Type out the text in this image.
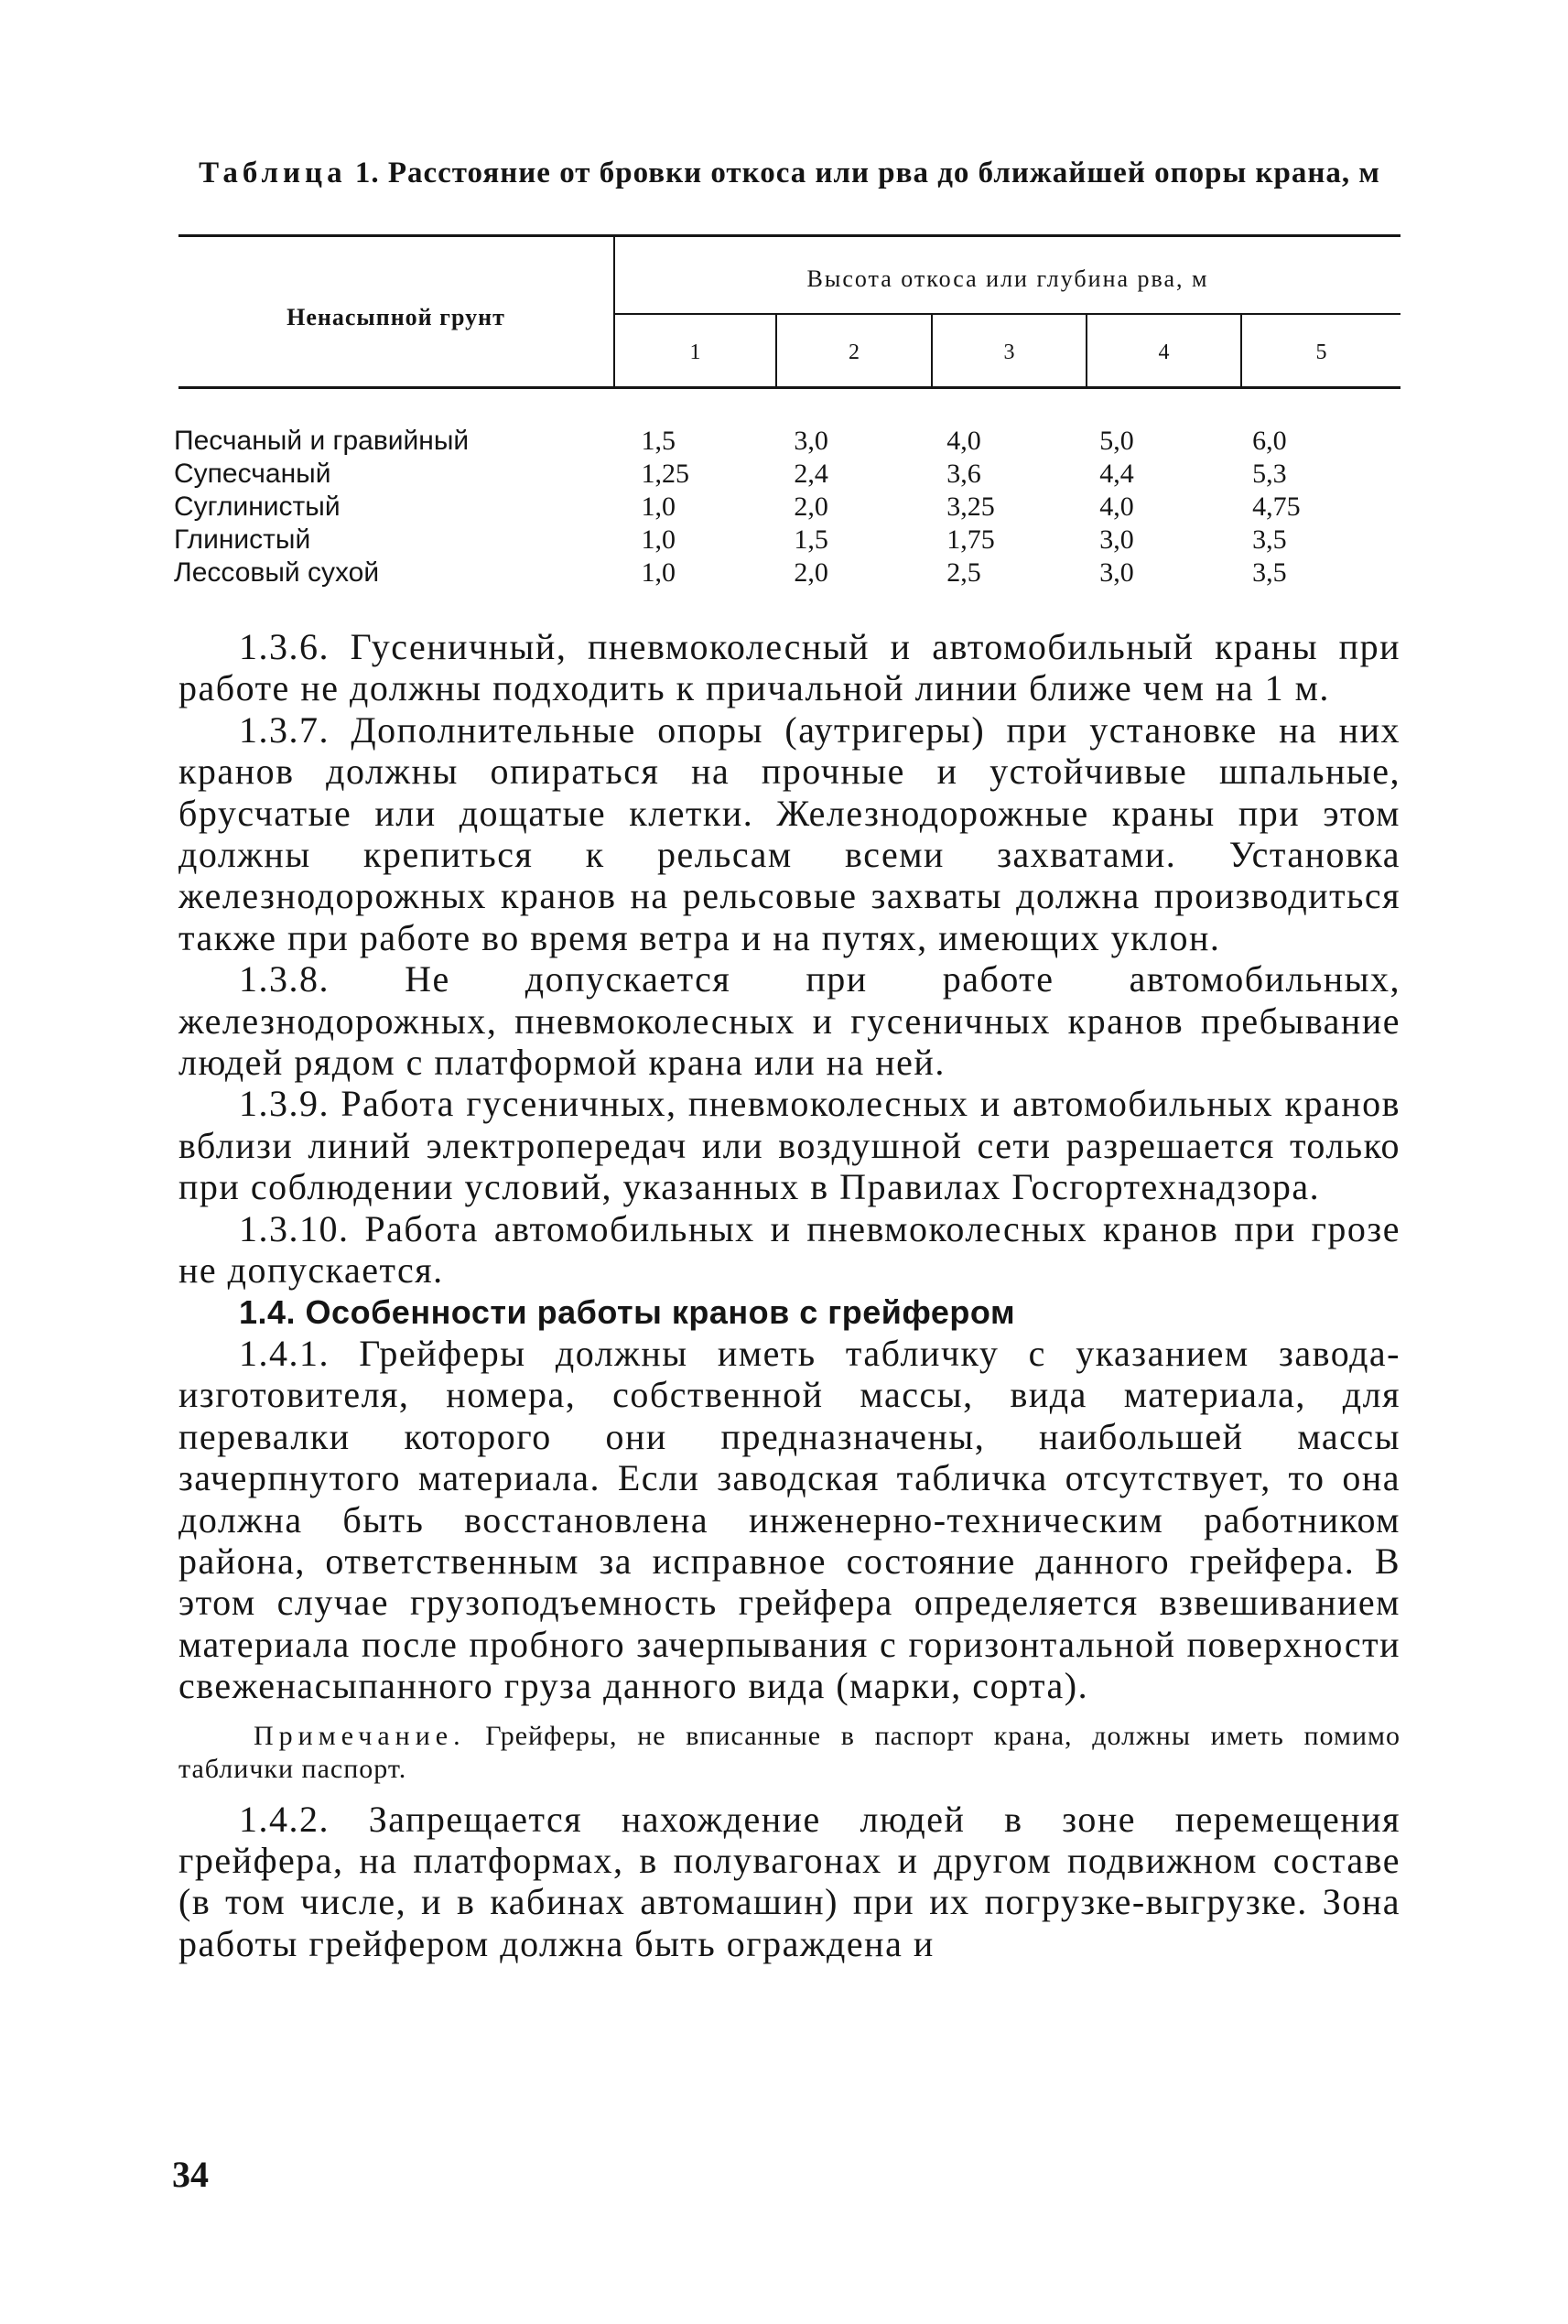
Таблица 1. Расстояние от бровки откоса или рва до ближайшей опоры крана, м
Ненасыпной грунт
Высота откоса или глубина рва, м
1	2	3	4	5
Песчаный и гравийный	1,5	3,0	4,0	5,0	6,0
Супесчаный	1,25	2,4	3,6	4,4	5,3
Суглинистый	1,0	2,0	3,25	4,0	4,75
Глинистый	1,0	1,5	1,75	3,0	3,5
Лессовый сухой	1,0	2,0	2,5	3,0	3,5

1.3.6. Гусеничный, пневмоколесный и автомобильный краны при работе не должны подходить к причальной линии ближе чем на 1 м.

1.3.7. Дополнительные опоры (аутригеры) при установке на них кранов должны опираться на прочные и устойчивые шпальные, брусчатые или дощатые клетки. Железнодорожные краны при этом должны крепиться к рельсам всеми захватами. Установка железнодорожных кранов на рельсовые захваты должна производиться также при работе во время ветра и на путях, имеющих уклон.

1.3.8. Не допускается при работе автомобильных, железнодорожных, пневмоколесных и гусеничных кранов пребывание людей рядом с платформой крана или на ней.

1.3.9. Работа гусеничных, пневмоколесных и автомобильных кранов вблизи линий электропередач или воздушной сети разрешается только при соблюдении условий, указанных в Правилах Госгортехнадзора.

1.3.10. Работа автомобильных и пневмоколесных кранов при грозе не допускается.

1.4. Особенности работы кранов с грейфером

1.4.1. Грейферы должны иметь табличку с указанием завода-изготовителя, номера, собственной массы, вида материала, для перевалки которого они предназначены, наибольшей массы зачерпнутого материала. Если заводская табличка отсутствует, то она должна быть восстановлена инженерно-техническим работником района, ответственным за исправное состояние данного грейфера. В этом случае грузоподъемность грейфера определяется взвешиванием материала после пробного зачерпывания с горизонтальной поверхности свеженасыпанного груза данного вида (марки, сорта).

Примечание. Грейферы, не вписанные в паспорт крана, должны иметь помимо таблички паспорт.

1.4.2. Запрещается нахождение людей в зоне перемещения грейфера, на платформах, в полувагонах и другом подвижном составе (в том числе, и в кабинах автомашин) при их погрузке-выгрузке. Зона работы грейфером должна быть ограждена и

34
